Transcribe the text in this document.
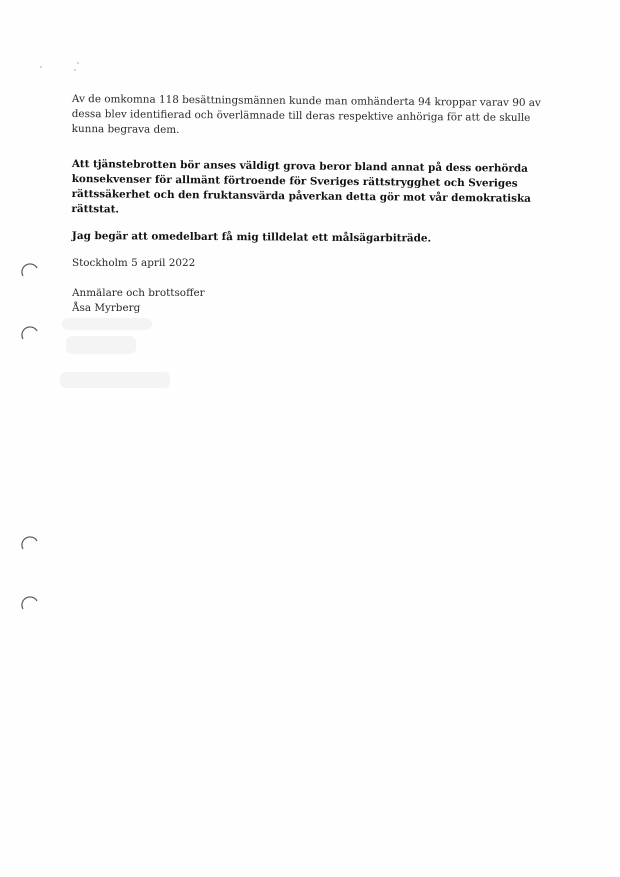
Av de omkomna 118 besättningsmännen kunde man omhänderta 94 kroppar varav 90 av dessa blev identifierad och överlämnade till deras respektive anhöriga för att de skulle kunna begrava dem.

Att tjänstebrotten bör anses väldigt grova beror bland annat på dess oerhörda konsekvenser för allmänt förtroende för Sveriges rättstrygghet och Sveriges rättssäkerhet och den fruktansvärda påverkan detta gör mot vår demokratiska rättstat.

Jag begär att omedelbart få mig tilldelat ett målsägarbiträde.

Stockholm 5 april 2022

Anmälare och brottsoffer

Åsa Myrberg
